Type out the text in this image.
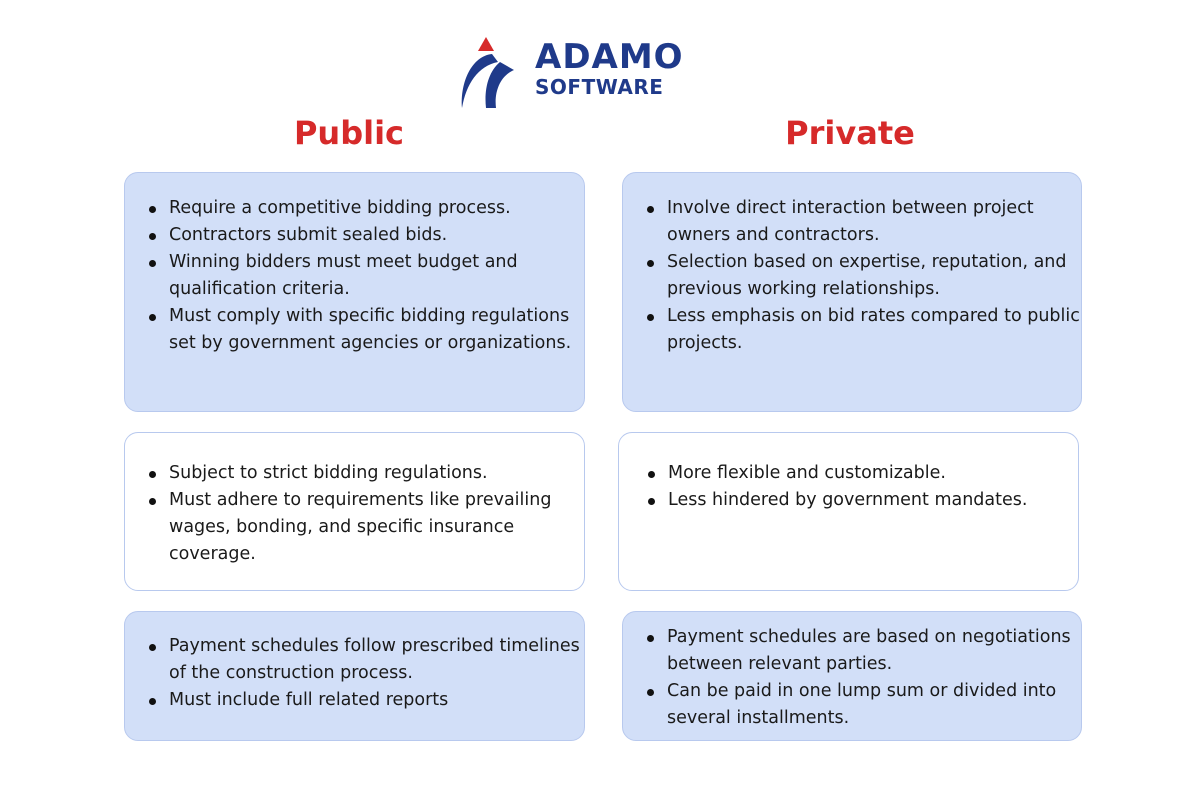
ADAMO
SOFTWARE
Public	Private
Require a competitive bidding process.
Contractors submit sealed bids.
Winning bidders must meet budget and qualification criteria.
Must comply with specific bidding regulations set by government agencies or organizations.
Involve direct interaction between project owners and contractors.
Selection based on expertise, reputation, and previous working relationships.
Less emphasis on bid rates compared to public projects.
Subject to strict bidding regulations.
Must adhere to requirements like prevailing wages, bonding, and specific insurance coverage.
More flexible and customizable.
Less hindered by government mandates.
Payment schedules follow prescribed timelines of the construction process.
Must include full related reports
Payment schedules are based on negotiations between relevant parties.
Can be paid in one lump sum or divided into several installments.
